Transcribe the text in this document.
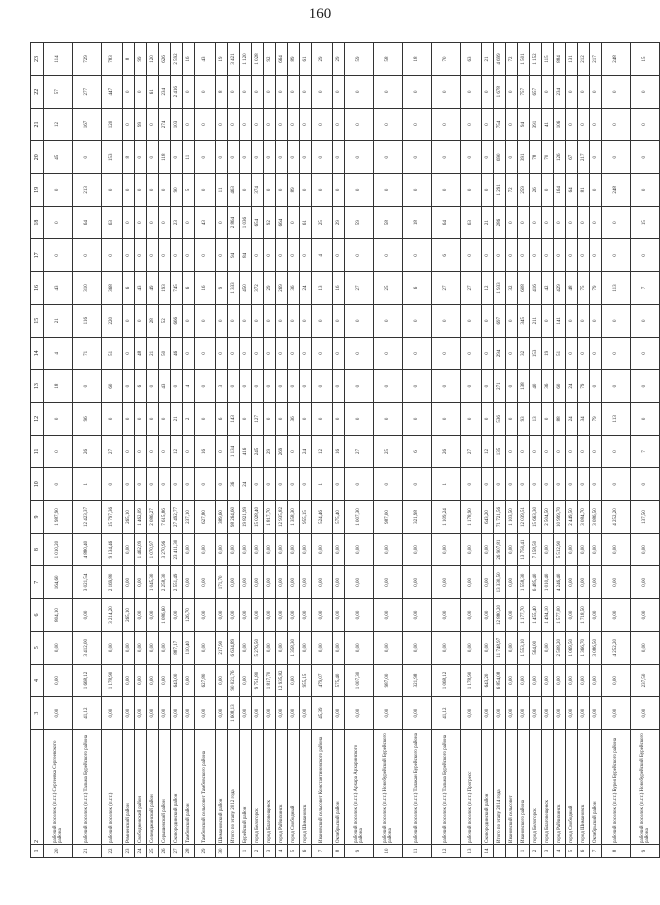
160
1	2	3	4	5	6	7	8	9	10	11	12	13	14	15	16	17	18	19	20	21	22	23
20	рабочий поселок (п.г.т.) Сергеевка Сергеевского района	0,00	0,00	0,00	804,10	164,60	1 010,20	1 987,90	0	0	0	18	4	21	43	0	0	0	45	12	57	114
21	рабочий поселок (п.г.т.) Тальма Бурейского района	41,12	1 668,12	3 412,00	0,00	3 021,54	4 880,40	12 423,37	1	26	96	0	71	116	310	0	64	213	0	167	277	729
22	рабочий поселок (п.г.т.)	0,00	1 178,90	0,00	3 214,20	2 169,80	9 134,46	15 797,36	0	27	0	60	51	220	368	0	63	0	153	120	447	783
23	Ромненский район	0,00	0,00	0,00	265,10	0,00	0,00	265,10	0	0	0	0	0	0	6	0	0	0	8	0	0	8
24	Свободненский район	0,00	0,00	0,00	0,00	0,00	1 462,09	1 462,09	0	0	0	6	48	0	43	0	0	0	0	99	0	99
25	Селемджинский район	0,00	0,00	0,00	0,00	1 045,30	1 070,97	2 086,27	0	0	0	0	21	28	49	0	0	0	0	0	61	120
26	Серышевский район	0,00	0,00	0,00	1 086,60	2 258,30	3 270,96	7 615,86	0	0	0	43	50	52	193	0	0	0	118	274	234	626
27	Сковородинский район	0,00	643,00	887,17	0,00	2 551,49	23 411,30	27 492,77	0	12	21	0	46	666	745	0	23	90	0	103	2 416	2 592
28	Тамбовский район	0,00	0,00	110,40	126,70	0,00	0,00	237,10	0	0	2	4	0	0	6	0	0	5	11	0	0	16
29	Тамбовский сельсовет Тамбовского района	0,00	627,80	0,00	0,00	0,00	0,00	627,80	0	16	0	0	0	0	16	0	43	0	0	0	0	43
30	Шимановский район	0,00	0,00	217,90	0,00	171,70	0,00	389,60	0	0	6	3	0	0	9	0	0	11	0	0	8	19
	Итого по этапу 2012 года	1 608,13	90 021,76	6 634,89	0,00	0,00	0,00	98 264,60	36	1 134	143	0	0	0	1 333	94	2 864	463	0	0	0	3 421
1	Бурейский район	0,00	0,00	0,00	0,00	0,00	0,00	19 821,99	24	416	0	0	0	0	450	84	1 036	0	0	0	0	1 120
2	город Белогорск	0,00	9 751,80	5 276,50	0,00	0,00	0,00	15 028,40	0	245	127	0	0	0	372	0	654	374	0	0	0	1 028
3	город Благовещенск	0,00	1 817,70	0,00	0,00	0,00	0,00	1 817,70	0	29	0	0	0	0	29	0	92	0	0	0	0	92
4	город Райчихинск	0,00	12 935,82	0,00	0,00	0,00	0,00	12 935,82	0	269	0	0	0	0	269	0	664	0	0	0	0	664
5	город Свободный	0,00	0,00	1 358,30	0,00	0,00	0,00	1 358,30	0	0	36	0	0	0	36	0	0	89	0	0	0	89
6	город Шимановск	0,00	955,15	0,00	0,00	0,00	0,00	955,15	0	24	0	0	0	0	24	0	61	0	0	0	0	61
7	Ивановский сельсовет Константиновского района	45,39	479,07	0,00	0,00	0,00	0,00	524,46	1	12	0	0	0	0	13	4	25	0	0	0	0	29
8	Октябрьский район	0,00	575,40	0,00	0,00	0,00	0,00	575,40	0	16	0	0	0	0	16	0	29	0	0	0	0	29
9	рабочий поселок (п.г.т.) Архара Архаринского района	0,00	1 007,30	0,00	0,00	0,00	0,00	1 007,30	0	27	0	0	0	0	27	0	59	0	0	0	0	59
10	рабочий поселок (п.г.т.) Новобурейский Бурейского района	0,00	987,00	0,00	0,00	0,00	0,00	987,00	0	25	0	0	0	0	25	0	58	0	0	0	0	58
11	рабочий поселок (п.г.т.) Талакан Бурейского района	0,00	321,98	0,00	0,00	0,00	0,00	321,98	0	6	0	0	0	0	6	0	18	0	0	0	0	18
12	рабочий поселок (п.г.т.) Тальма Бурейского района	41,12	1 068,12	0,00	0,00	0,00	0,00	1 109,24	1	26	0	0	0	0	27	6	64	0	0	0	0	70
13	рабочий поселок (п.г.т.) Прогресс	0,00	1 178,90	0,00	0,00	0,00	0,00	1 178,90	0	27	0	0	0	0	27	0	63	0	0	0	0	63
14	Сковородинский район	0,00	643,20	0,00	0,00	0,00	0,00	643,20	0	12	0	0	0	0	12	0	21	0	0	0	0	21
	Итого по этапу 2014 года	0,00	6 854,08	11 748,97	12 880,20	13 330,50	26 907,81	71 721,56	0	135	536	271	294	697	1 933	0	286	1 291	690	754	1 678	4 699
	Ивановский сельсовет	0,00	0,00	0,00	0,00	0,00	0,00	1 103,50	0	0	0	0	0	0	32	0	0	72	0	0	0	72
1	Ивановского района	0,00	0,00	1 553,10	1 177,70	1 558,30	13 750,41	12 039,51	0	0	93	138	32	345	608	0	0	259	391	94	757	1 501
2	город Белогорск	0,00	0,00	564,00	1 455,40	6 485,40	7 158,50	15 663,30	0	0	13	40	153	211	416	0	0	26	78	391	657	1 152
3	город Благовещенск	0,00	0,00	0,00	1 494,10	1 010,40	0,00	2 504,50	0	0	0	36	19	0	42	0	0	0	70	41	0	115
4	город Райчихинск	0,00	0,00	2 508,20	1 577,00	4 246,40	5 512,90	10 999,70	0	0	88	60	51	141	429	0	0	164	126	106	234	884
5	город Свободный	0,00	0,00	1 069,50	0,00	0,00	0,00	2 449,50	0	0	24	24	0	0	48	0	0	64	67	0	0	131
6	город Шимановск	0,00	0,00	1 366,70	1 718,50	0,00	0,00	3 084,70	0	0	34	79	0	0	75	0	0	81	217	0	0	212
7	Октябрьский район	0,00	0,00	3 086,50	0,00	0,00	0,00	3 086,50	0	0	79	0	0	0	79	0	0	0	0	0	0	217
8	рабочий поселок (п.г.т.) Бурея Бурейского района	0,00	0,00	4 252,20	0,00	0,00	0,00	4 252,20	0	0	113	0	0	0	113	0	0	248	0	0	0	248
9	рабочий поселок (п.г.т.) Новобурейский Бурейского района	0,00	237,50	0,00	0,00	0,00	0,00	137,50	0	7	0	0	0	0	7	0	15	0	0	0	0	15
